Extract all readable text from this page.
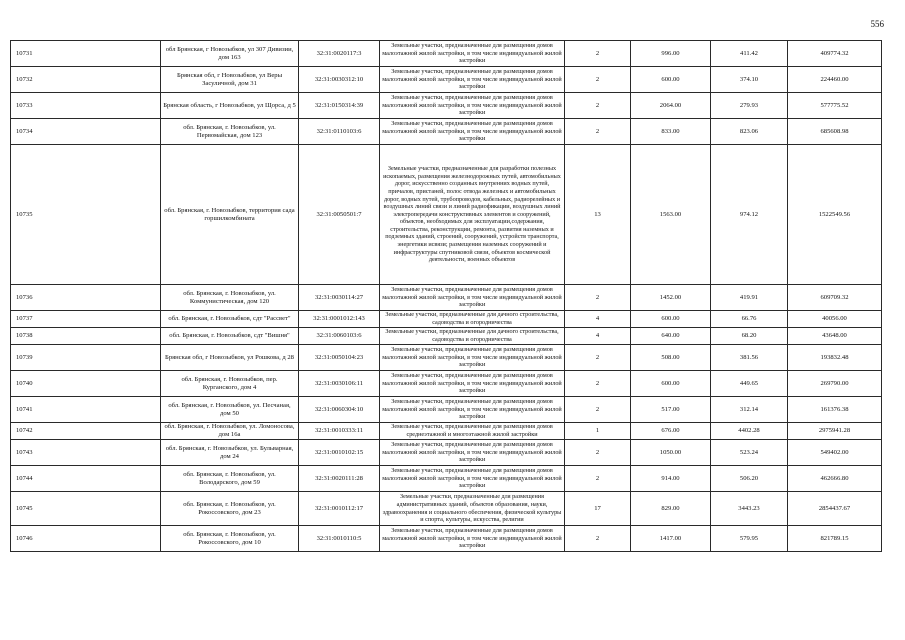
556
10731	обл Брянская, г Новозыбков, ул 307 Дивизии, дом 163	32:31:0020117:3	Земельные участки, предназначенные для размещения домов малоэтажной жилой застройки, в том числе индивидуальной жилой застройки	2	996.00	411.42	409774.32
10732	Брянская обл, г Новозыбков, ул Веры Засуличной, дом 31	32:31:0030312:10	Земельные участки, предназначенные для размещения домов малоэтажной жилой застройки, в том числе индивидуальной жилой застройки	2	600.00	374.10	224460.00
10733	Брянская область, г Новозыбков, ул Щорса, д 5	32:31:0150314:39	Земельные участки, предназначенные для размещения домов малоэтажной жилой застройки, в том числе индивидуальной жилой застройки	2	2064.00	279.93	577775.52
10734	обл. Брянская, г. Новозыбков, ул. Первомайская, дом 123	32:31:0110103:6	Земельные участки, предназначенные для размещения домов малоэтажной жилой застройки, в том числе индивидуальной жилой застройки	2	833.00	823.06	685608.98
10735	обл. Брянская, г. Новозыбков, территория сада горшилкомбината	32:31:0050501:7	Земельные участки, предназначенные для разработки полезных ископаемых, размещения железнодорожных путей, автомобильных дорог, искусственно созданных внутренних водных путей, причалов, пристаней, полос отвода железных и автомобильных дорог, водных путей, трубопроводов, кабельных, радиорелейных и воздушных линий связи и линий радиофикации, воздушных линий электропередачи конструктивных элементов и сооружений, объектов, необходимых для эксплуатации,содержания, строительства, реконструкции, ремонта, развития наземных и подземных зданий, строений, сооружений, устройств транспорта, энергетики исвязи; размещения наземных сооружений и инфраструктуры спутниковой связи, объектов космической деятельности, военных объектов	13	1563.00	974.12	1522549.56
10736	обл. Брянская, г. Новозыбков, ул. Коммунистическая, дом 120	32:31:0030114:27	Земельные участки, предназначенные для размещения домов малоэтажной жилой застройки, в том числе индивидуальной жилой застройки	2	1452.00	419.91	609709.32
10737	обл. Брянская, г. Новозыбков, сдт "Рассвет"	32:31:0001012:143	Земельные участки, предназначенные для дачного строительства, садоводства и огородничества	4	600.00	66.76	40056.00
10738	обл. Брянская, г. Новозыбков, сдт "Вишня"	32:31:0060103:6	Земельные участки, предназначенные для дачного строительства, садоводства и огородничества	4	640.00	68.20	43648.00
10739	Брянская обл, г Новозыбков, ул Рошкова, д 28	32:31:0050104:23	Земельные участки, предназначенные для размещения домов малоэтажной жилой застройки, в том числе индивидуальной жилой застройки	2	508.00	381.56	193832.48
10740	обл. Брянская, г. Новозыбков, пер. Курганского, дом 4	32:31:0030106:11	Земельные участки, предназначенные для размещения домов малоэтажной жилой застройки, в том числе индивидуальной жилой застройки	2	600.00	449.65	269790.00
10741	обл. Брянская, г. Новозыбков, ул. Песчаная, дом 50	32:31:0060304:10	Земельные участки, предназначенные для размещения домов малоэтажной жилой застройки, в том числе индивидуальной жилой застройки	2	517.00	312.14	161376.38
10742	обл. Брянская, г. Новозыбков, ул. Ломоносова, дом 16а	32:31:0010333:11	Земельные участки, предназначенные для размещения домов среднеэтажной и многоэтажной жилой застройки	1	676.00	4402.28	2975941.28
10743	обл. Брянская, г. Новозыбков, ул. Бульварная, дом 24	32:31:0010102:15	Земельные участки, предназначенные для размещения домов малоэтажной жилой застройки, в том числе индивидуальной жилой застройки	2	1050.00	523.24	549402.00
10744	обл. Брянская, г. Новозыбков, ул. Володарского, дом 59	32:31:0020111:28	Земельные участки, предназначенные для размещения домов малоэтажной жилой застройки, в том числе индивидуальной жилой застройки	2	914.00	506.20	462666.80
10745	обл. Брянская, г. Новозыбков, ул. Рокоссовского, дом 23	32:31:0010112:17	Земельные участки, предназначенные для размещения административных зданий, объектов образования, науки, здравоохранения и социального обеспечения, физической культуры и спорта, культуры, искусства, религии	17	829.00	3443.23	2854437.67
10746	обл. Брянская, г. Новозыбков, ул. Рокоссовского, дом 10	32:31:0010110:5	Земельные участки, предназначенные для размещения домов малоэтажной жилой застройки, в том числе индивидуальной жилой застройки	2	1417.00	579.95	821789.15
